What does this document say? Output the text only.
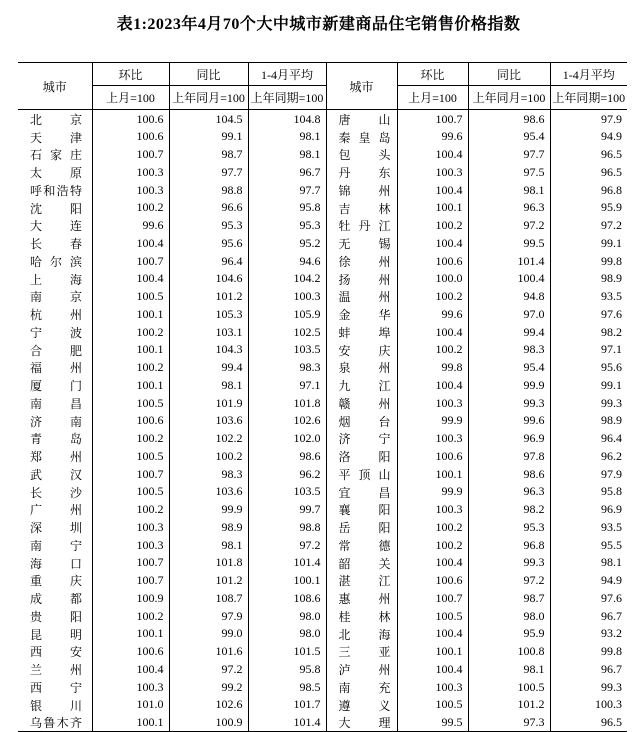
表1:2023年4月70个大中城市新建商品住宅销售价格指数
城市	环比	同比	1-4月平均	城市	环比	同比	1-4月平均
	上月=100	上年同月=100	上年同期=100		上月=100	上年同月=100	上年同期=100
北京	100.6	104.5	104.8	唐山	100.7	98.6	97.9
天津	100.6	99.1	98.1	秦皇岛	99.6	95.4	94.9
石家庄	100.7	98.7	98.1	包头	100.4	97.7	96.5
太原	100.3	97.7	96.7	丹东	100.3	97.5	96.5
呼和浩特	100.3	98.8	97.7	锦州	100.4	98.1	96.8
沈阳	100.2	96.6	95.8	吉林	100.1	96.3	95.9
大连	99.6	95.3	95.3	牡丹江	100.2	97.2	97.2
长春	100.4	95.6	95.2	无锡	100.4	99.5	99.1
哈尔滨	100.7	96.4	94.6	徐州	100.6	101.4	99.8
上海	100.4	104.6	104.2	扬州	100.0	100.4	98.9
南京	100.5	101.2	100.3	温州	100.2	94.8	93.5
杭州	100.1	105.3	105.9	金华	99.6	97.0	97.6
宁波	100.2	103.1	102.5	蚌埠	100.4	99.4	98.2
合肥	100.1	104.3	103.5	安庆	100.2	98.3	97.1
福州	100.2	99.4	98.3	泉州	99.8	95.4	95.6
厦门	100.1	98.1	97.1	九江	100.4	99.9	99.1
南昌	100.5	101.9	101.8	赣州	100.3	99.3	99.3
济南	100.6	103.6	102.6	烟台	99.9	99.6	98.9
青岛	100.2	102.2	102.0	济宁	100.3	96.9	96.4
郑州	100.5	100.2	98.6	洛阳	100.6	97.8	96.2
武汉	100.7	98.3	96.2	平顶山	100.1	98.6	97.9
长沙	100.5	103.6	103.5	宜昌	99.9	96.3	95.8
广州	100.2	99.9	99.7	襄阳	100.3	98.2	96.9
深圳	100.3	98.9	98.8	岳阳	100.2	95.3	93.5
南宁	100.3	98.1	97.2	常德	100.2	96.8	95.5
海口	100.7	101.8	101.4	韶关	100.4	99.3	98.1
重庆	100.7	101.2	100.1	湛江	100.6	97.2	94.9
成都	100.9	108.7	108.6	惠州	100.7	98.7	97.6
贵阳	100.2	97.9	98.0	桂林	100.5	98.0	96.7
昆明	100.1	99.0	98.0	北海	100.4	95.9	93.2
西安	100.6	101.6	101.5	三亚	100.1	100.8	99.8
兰州	100.4	97.2	95.8	泸州	100.4	98.1	96.7
西宁	100.3	99.2	98.5	南充	100.3	100.5	99.3
银川	101.0	102.6	101.7	遵义	100.5	101.2	100.3
乌鲁木齐	100.1	100.9	101.4	大理	99.5	97.3	96.5
